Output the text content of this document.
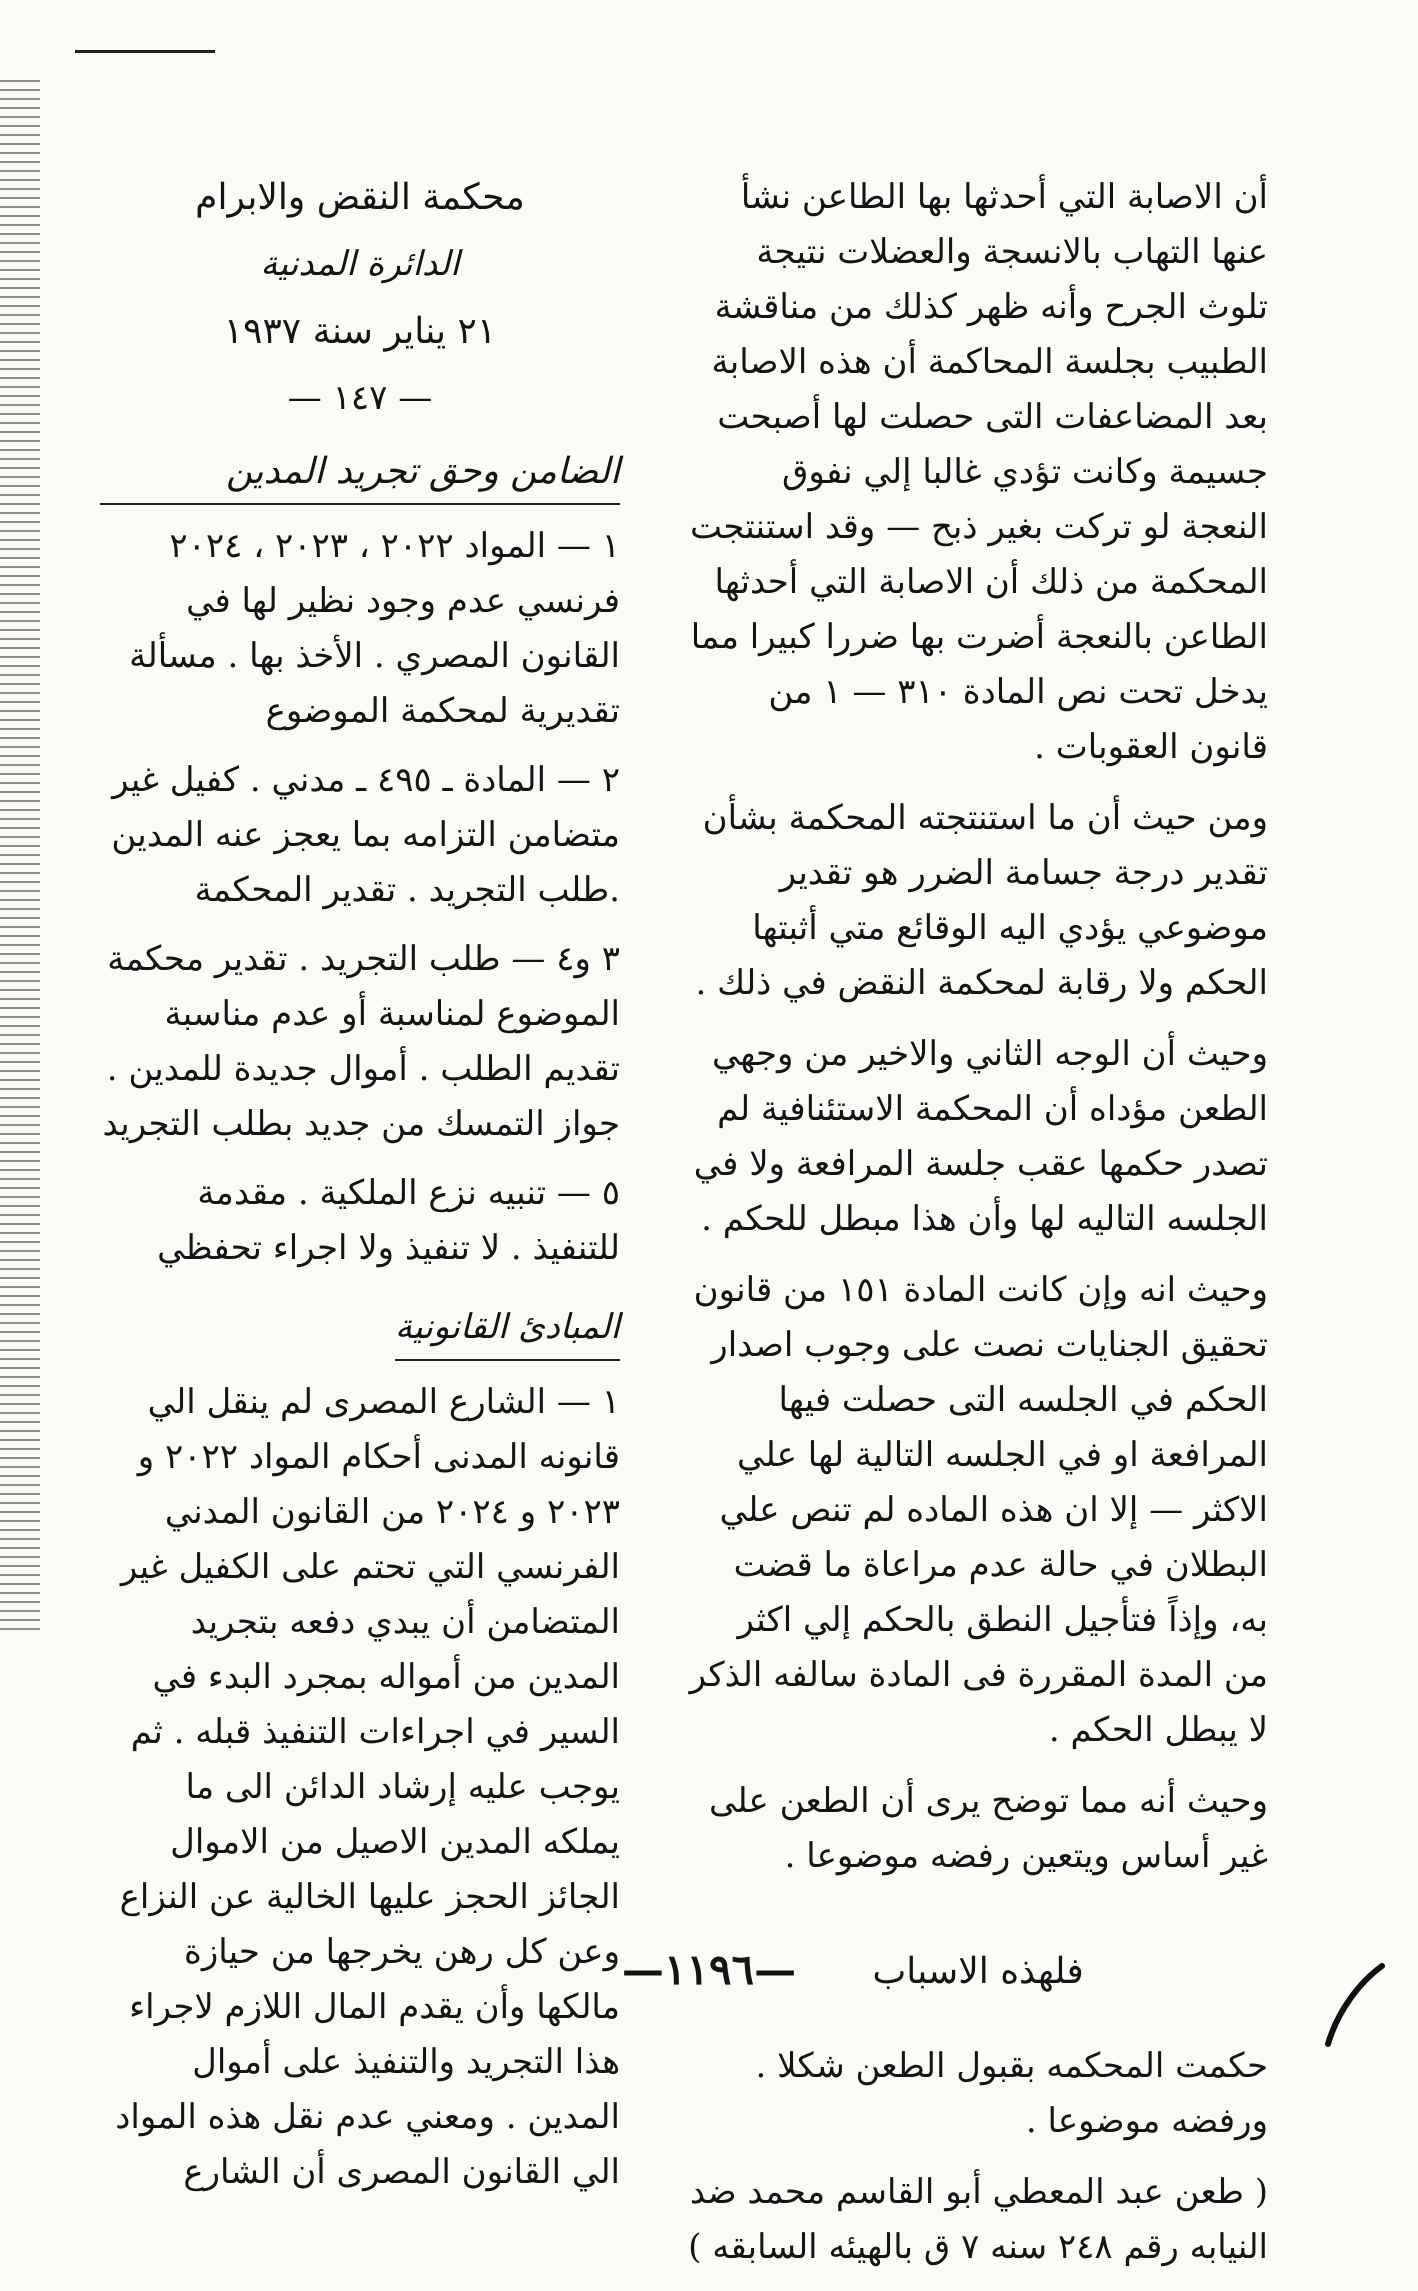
أن الاصابة التي أحدثها بها الطاعن نشأ عنها التهاب بالانسجة والعضلات نتيجة تلوث الجرح وأنه ظهر كذلك من مناقشة الطبيب بجلسة المحاكمة أن هذه الاصابة بعد المضاعفات التى حصلت لها أصبحت جسيمة وكانت تؤدي غالبا إلي نفوق النعجة لو تركت بغير ذبح — وقد استنتجت المحكمة من ذلك أن الاصابة التي أحدثها الطاعن بالنعجة أضرت بها ضررا كبيرا مما يدخل تحت نص المادة ٣١٠ — ١ من قانون العقوبات .

ومن حيث أن ما استنتجته المحكمة بشأن تقدير درجة جسامة الضرر هو تقدير موضوعي يؤدي اليه الوقائع متي أثبتها الحكم ولا رقابة لمحكمة النقض في ذلك .

وحيث أن الوجه الثاني والاخير من وجهي الطعن مؤداه أن المحكمة الاستئنافية لم تصدر حكمها عقب جلسة المرافعة ولا في الجلسه التاليه لها وأن هذا مبطل للحكم .

وحيث انه وإن كانت المادة ١٥١ من قانون تحقيق الجنايات نصت على وجوب اصدار الحكم في الجلسه التى حصلت فيها المرافعة او في الجلسه التالية لها علي الاكثر — إلا ان هذه الماده لم تنص علي البطلان في حالة عدم مراعاة ما قضت به، وإذاً فتأجيل النطق بالحكم إلي اكثر من المدة المقررة فى المادة سالفه الذكر لا يبطل الحكم .

وحيث أنه مما توضح يرى أن الطعن على غير أساس ويتعين رفضه موضوعا .

فلهذه الاسباب

حكمت المحكمه بقبول الطعن شكلا . ورفضه موضوعا .

( طعن عبد المعطي أبو القاسم محمد ضد النيابه رقم ٢٤٨ سنه ٧ ق بالهيئه السابقه )

محكمة النقض والابرام
الدائرة المدنية
٢١ يناير سنة ١٩٣٧
— ١٤٧ —
الضامن وحق تجريد المدين
١ — المواد ٢٠٢٢ ، ٢٠٢٣ ، ٢٠٢٤ فرنسي عدم وجود نظير لها في القانون المصري . الأخذ بها . مسألة تقديرية لمحكمة الموضوع
٢ — المادة ـ ٤٩٥ ـ مدني . كفيل غير متضامن التزامه بما يعجز عنه المدين .طلب التجريد . تقدير المحكمة
٣ و٤ — طلب التجريد . تقدير محكمة الموضوع لمناسبة أو عدم مناسبة تقديم الطلب . أموال جديدة للمدين . جواز التمسك من جديد بطلب التجريد
٥ — تنبيه نزع الملكية . مقدمة للتنفيذ . لا تنفيذ ولا اجراء تحفظي
المبادئ القانونية

١ — الشارع المصرى لم ينقل الي قانونه المدنى أحكام المواد ٢٠٢٢ و ٢٠٢٣ و ٢٠٢٤ من القانون المدني الفرنسي التي تحتم على الكفيل غير المتضامن أن يبدي دفعه بتجريد المدين من أمواله بمجرد البدء في السير في اجراءات التنفيذ قبله . ثم يوجب عليه إرشاد الدائن الى ما يملكه المدين الاصيل من الاموال الجائز الحجز عليها الخالية عن النزاع وعن كل رهن يخرجها من حيازة مالكها وأن يقدم المال اللازم لاجراء هذا التجريد والتنفيذ على أموال المدين . ومعني عدم نقل هذه المواد الي القانون المصرى أن الشارع

—١١٩٦—
